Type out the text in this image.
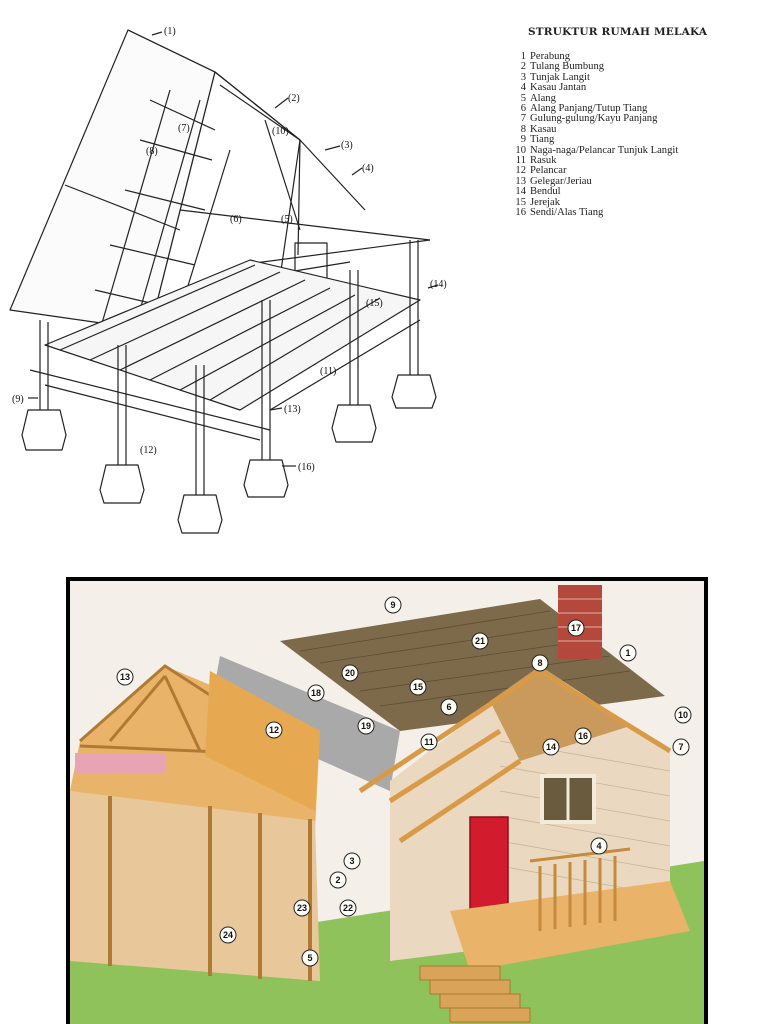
(1)
(2)
(3)
(4)
(5)
(6)
(7)
(8)
(9)
(10)
(11)
(12)
(13)
(14)
(15)
(16)
STRUKTUR RUMAH MELAKA
1 Perabung
2 Tulang Bumbung
3 Tunjak Langit
4 Kasau Jantan
5 Alang
6 Alang Panjang/Tutup Tiang
7 Gulung-gulung/Kayu Panjang
8 Kasau
9 Tiang
10 Naga-naga/Pelancar Tunjuk Langit
11 Rasuk
12 Pelancar
13 Gelegar/Jeriau
14 Bendul
15 Jerejak
16 Sendi/Alas Tiang
9
17
1
21
8
10
7
16
14
13	20
15
18
6
12	19
11
4
3
2
22
23
24
5
